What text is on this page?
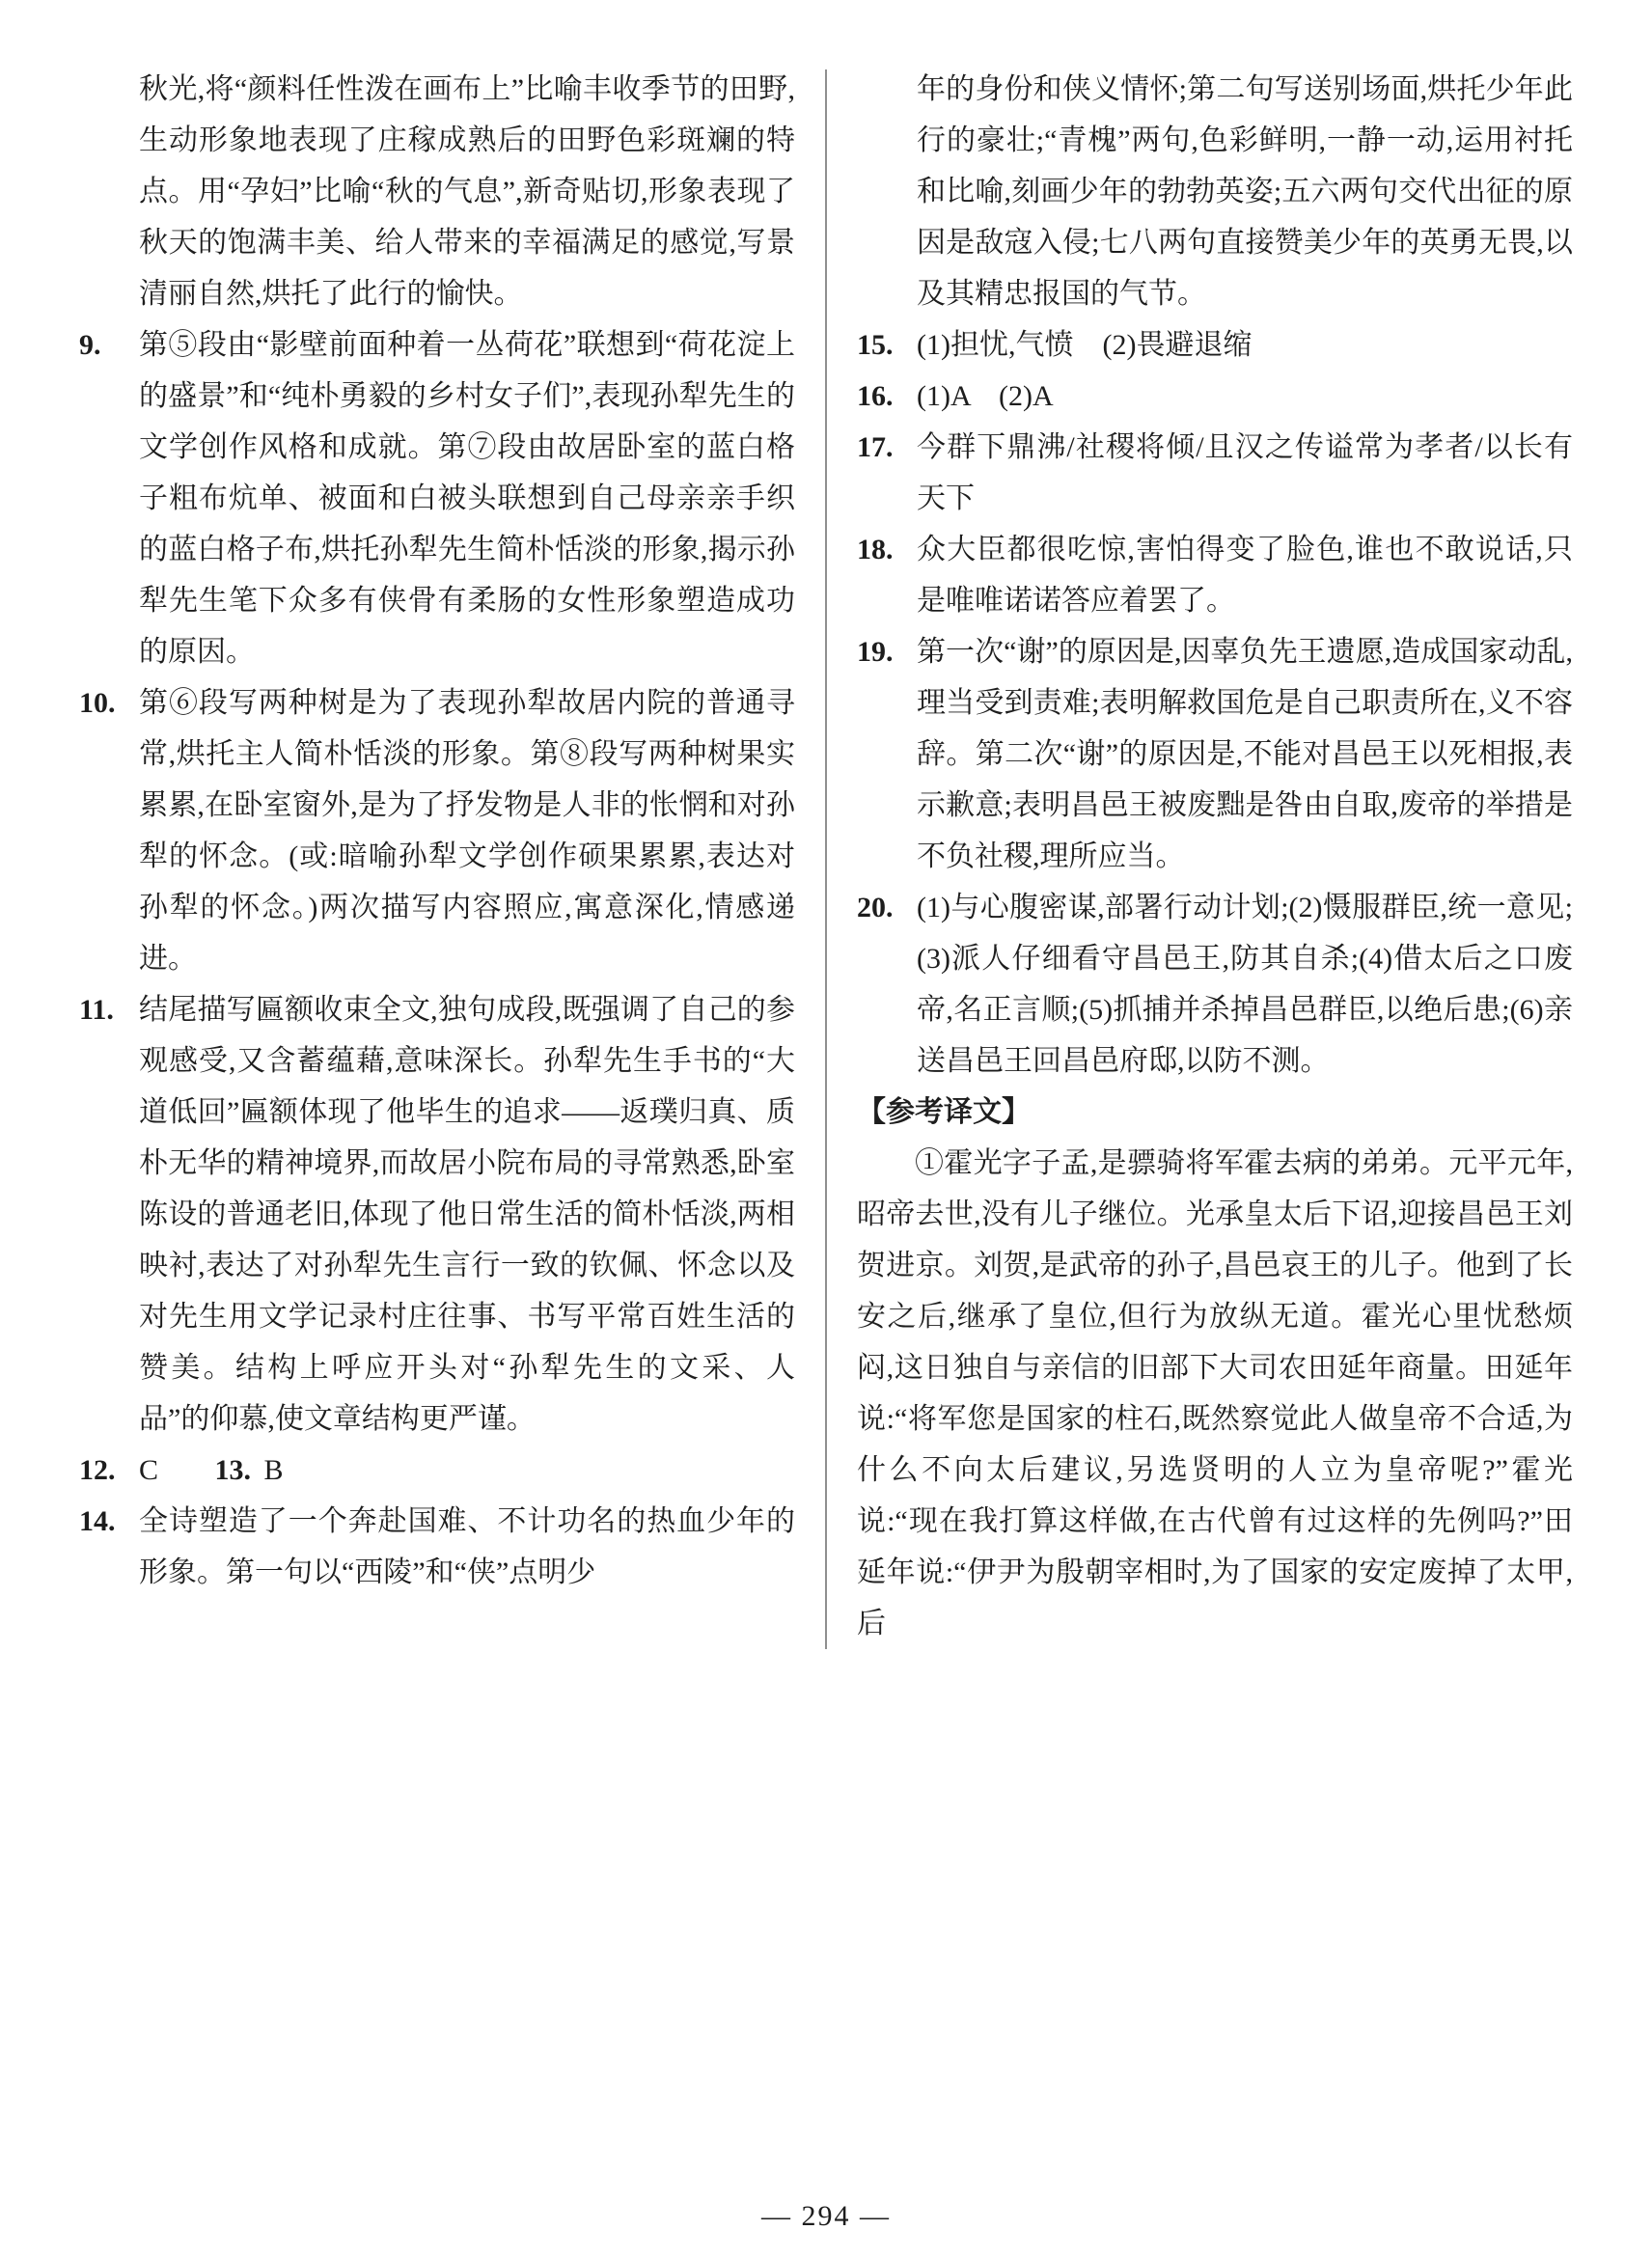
秋光,将“颜料任性泼在画布上”比喻丰收季节的田野,生动形象地表现了庄稼成熟后的田野色彩斑斓的特点。用“孕妇”比喻“秋的气息”,新奇贴切,形象表现了秋天的饱满丰美、给人带来的幸福满足的感觉,写景清丽自然,烘托了此行的愉快。

9. 第⑤段由“影壁前面种着一丛荷花”联想到“荷花淀上的盛景”和“纯朴勇毅的乡村女子们”,表现孙犁先生的文学创作风格和成就。第⑦段由故居卧室的蓝白格子粗布炕单、被面和白被头联想到自己母亲亲手织的蓝白格子布,烘托孙犁先生简朴恬淡的形象,揭示孙犁先生笔下众多有侠骨有柔肠的女性形象塑造成功的原因。
10. 第⑥段写两种树是为了表现孙犁故居内院的普通寻常,烘托主人简朴恬淡的形象。第⑧段写两种树果实累累,在卧室窗外,是为了抒发物是人非的怅惘和对孙犁的怀念。(或:暗喻孙犁文学创作硕果累累,表达对孙犁的怀念。)两次描写内容照应,寓意深化,情感递进。
11. 结尾描写匾额收束全文,独句成段,既强调了自己的参观感受,又含蓄蕴藉,意味深长。孙犁先生手书的“大道低回”匾额体现了他毕生的追求——返璞归真、质朴无华的精神境界,而故居小院布局的寻常熟悉,卧室陈设的普通老旧,体现了他日常生活的简朴恬淡,两相映衬,表达了对孙犁先生言行一致的钦佩、怀念以及对先生用文学记录村庄往事、书写平常百姓生活的赞美。结构上呼应开头对“孙犁先生的文采、人品”的仰慕,使文章结构更严谨。
12. C 13. B
14. 全诗塑造了一个奔赴国难、不计功名的热血少年的形象。第一句以“西陵”和“侠”点明少

年的身份和侠义情怀;第二句写送别场面,烘托少年此行的豪壮;“青槐”两句,色彩鲜明,一静一动,运用衬托和比喻,刻画少年的勃勃英姿;五六两句交代出征的原因是敌寇入侵;七八两句直接赞美少年的英勇无畏,以及其精忠报国的气节。

15. (1)担忧,气愤　(2)畏避退缩
16. (1)A　(2)A
17. 今群下鼎沸/社稷将倾/且汉之传谥常为孝者/以长有天下
18. 众大臣都很吃惊,害怕得变了脸色,谁也不敢说话,只是唯唯诺诺答应着罢了。
19. 第一次“谢”的原因是,因辜负先王遗愿,造成国家动乱,理当受到责难;表明解救国危是自己职责所在,义不容辞。第二次“谢”的原因是,不能对昌邑王以死相报,表示歉意;表明昌邑王被废黜是咎由自取,废帝的举措是不负社稷,理所应当。
20. (1)与心腹密谋,部署行动计划;(2)慑服群臣,统一意见;(3)派人仔细看守昌邑王,防其自杀;(4)借太后之口废帝,名正言顺;(5)抓捕并杀掉昌邑群臣,以绝后患;(6)亲送昌邑王回昌邑府邸,以防不测。

【参考译文】

①霍光字子孟,是骠骑将军霍去病的弟弟。元平元年,昭帝去世,没有儿子继位。光承皇太后下诏,迎接昌邑王刘贺进京。刘贺,是武帝的孙子,昌邑哀王的儿子。他到了长安之后,继承了皇位,但行为放纵无道。霍光心里忧愁烦闷,这日独自与亲信的旧部下大司农田延年商量。田延年说:“将军您是国家的柱石,既然察觉此人做皇帝不合适,为什么不向太后建议,另选贤明的人立为皇帝呢?”霍光说:“现在我打算这样做,在古代曾有过这样的先例吗?”田延年说:“伊尹为殷朝宰相时,为了国家的安定废掉了太甲,后

— 294 —
